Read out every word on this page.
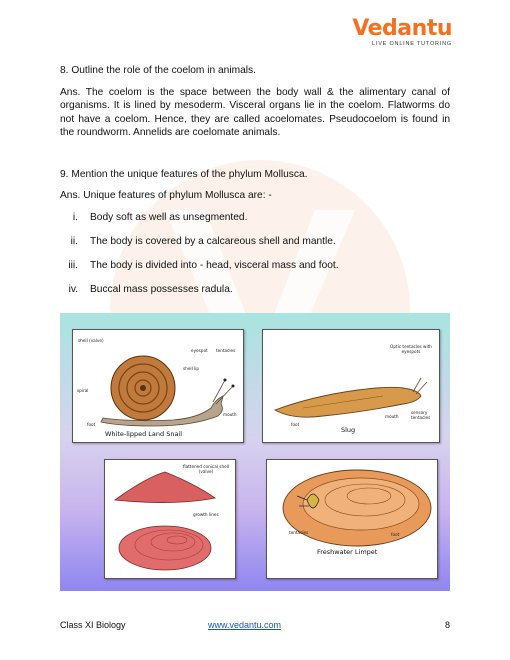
Vedantu
LIVE ONLINE TUTORING

8. Outline the role of the coelom in animals.

Ans. The coelom is the space between the body wall & the alimentary canal of organisms. It is lined by mesoderm. Visceral organs lie in the coelom. Flatworms do not have a coelom. Hence, they are called acoelomates. Pseudocoelom is found in the roundworm. Annelids are coelomate animals.

9. Mention the unique features of the phylum Mollusca.

Ans. Unique features of phylum Mollusca are: -

i. Body soft as well as unsegmented.
ii. The body is covered by a calcareous shell and mantle.
iii. The body is divided into - head, visceral mass and foot.
iv. Buccal mass possesses radula.
shell (valve)
eyespot tentacles
shell lip
spiral
mouth
foot
White-lipped Land Snail
Optic tentacles with eyespots
sensory tentacles
mouth
foot
Slug
flattened conical shell (valve)
growth lines
tentacles	foot
Freshwater Limpet
Class XI Biology	www.vedantu.com	8
